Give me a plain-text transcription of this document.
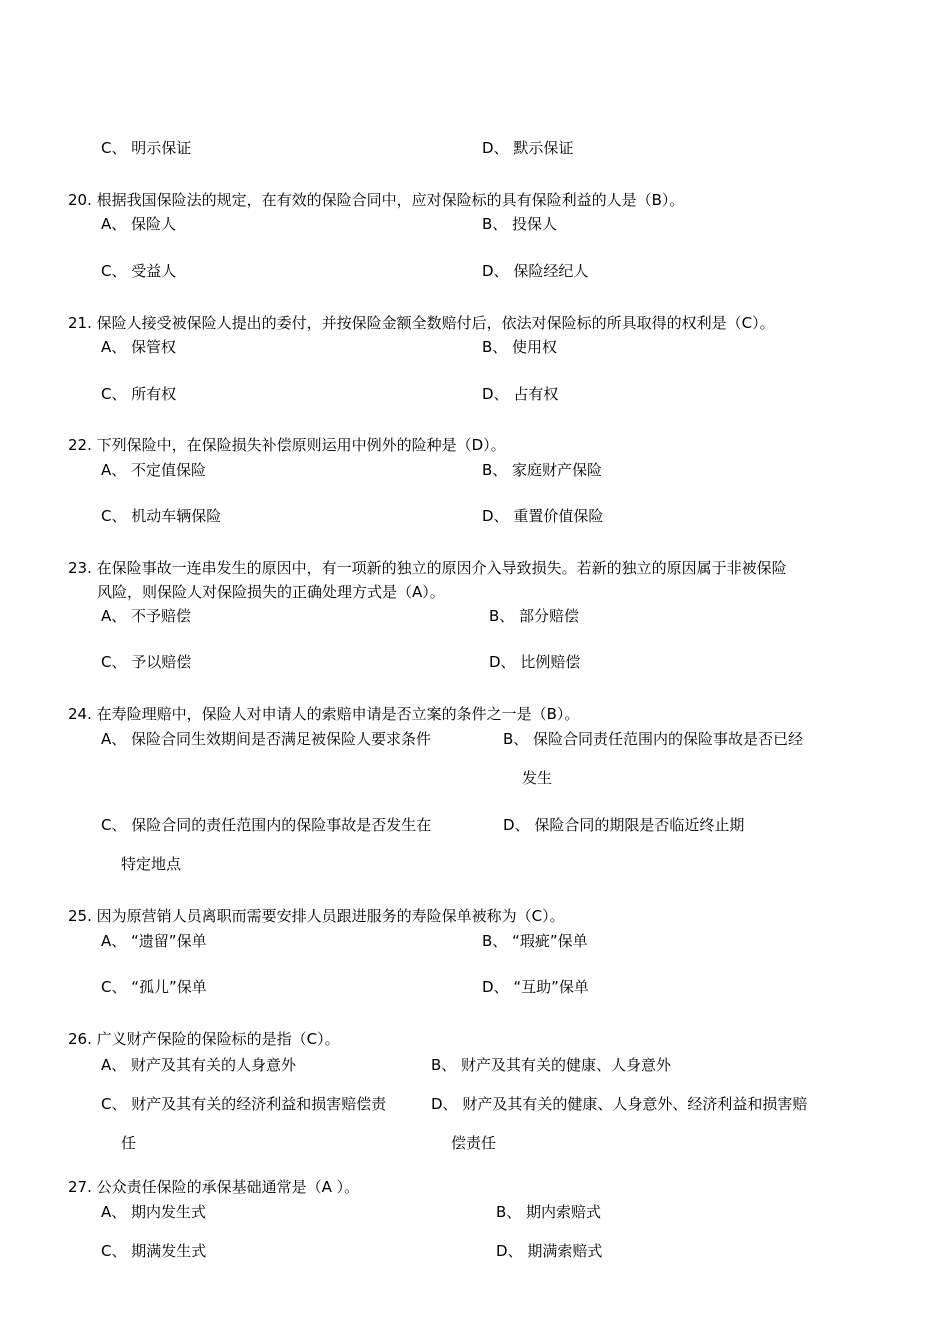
C、 明示保证	D、 默示保证
20. 根据我国保险法的规定，在有效的保险合同中，应对保险标的具有保险利益的人是（B）。
A、 保险人	B、 投保人
C、 受益人	D、 保险经纪人
21. 保险人接受被保险人提出的委付，并按保险金额全数赔付后，依法对保险标的所具取得的权利是（C）。
A、 保管权	B、 使用权
C、 所有权	D、 占有权
22. 下列保险中，在保险损失补偿原则运用中例外的险种是（D）。
A、 不定值保险	B、 家庭财产保险
C、 机动车辆保险	D、 重置价值保险
23. 在保险事故一连串发生的原因中，有一项新的独立的原因介入导致损失。若新的独立的原因属于非被保险
风险，则保险人对保险损失的正确处理方式是（A）。
A、 不予赔偿	B、 部分赔偿
C、 予以赔偿	D、 比例赔偿
24. 在寿险理赔中，保险人对申请人的索赔申请是否立案的条件之一是（B）。
A、 保险合同生效期间是否满足被保险人要求条件	B、 保险合同责任范围内的保险事故是否已经
发生
C、 保险合同的责任范围内的保险事故是否发生在	D、 保险合同的期限是否临近终止期
特定地点
25. 因为原营销人员离职而需要安排人员跟进服务的寿险保单被称为（C）。
A、 “遗留”保单	B、 “瑕疵”保单
C、 “孤儿”保单	D、 “互助”保单
26. 广义财产保险的保险标的是指（C）。
A、 财产及其有关的人身意外	B、 财产及其有关的健康、人身意外
C、 财产及其有关的经济利益和损害赔偿责	D、 财产及其有关的健康、人身意外、经济利益和损害赔
任	偿责任
27. 公众责任保险的承保基础通常是（A ）。
A、 期内发生式	B、 期内索赔式
C、 期满发生式	D、 期满索赔式
